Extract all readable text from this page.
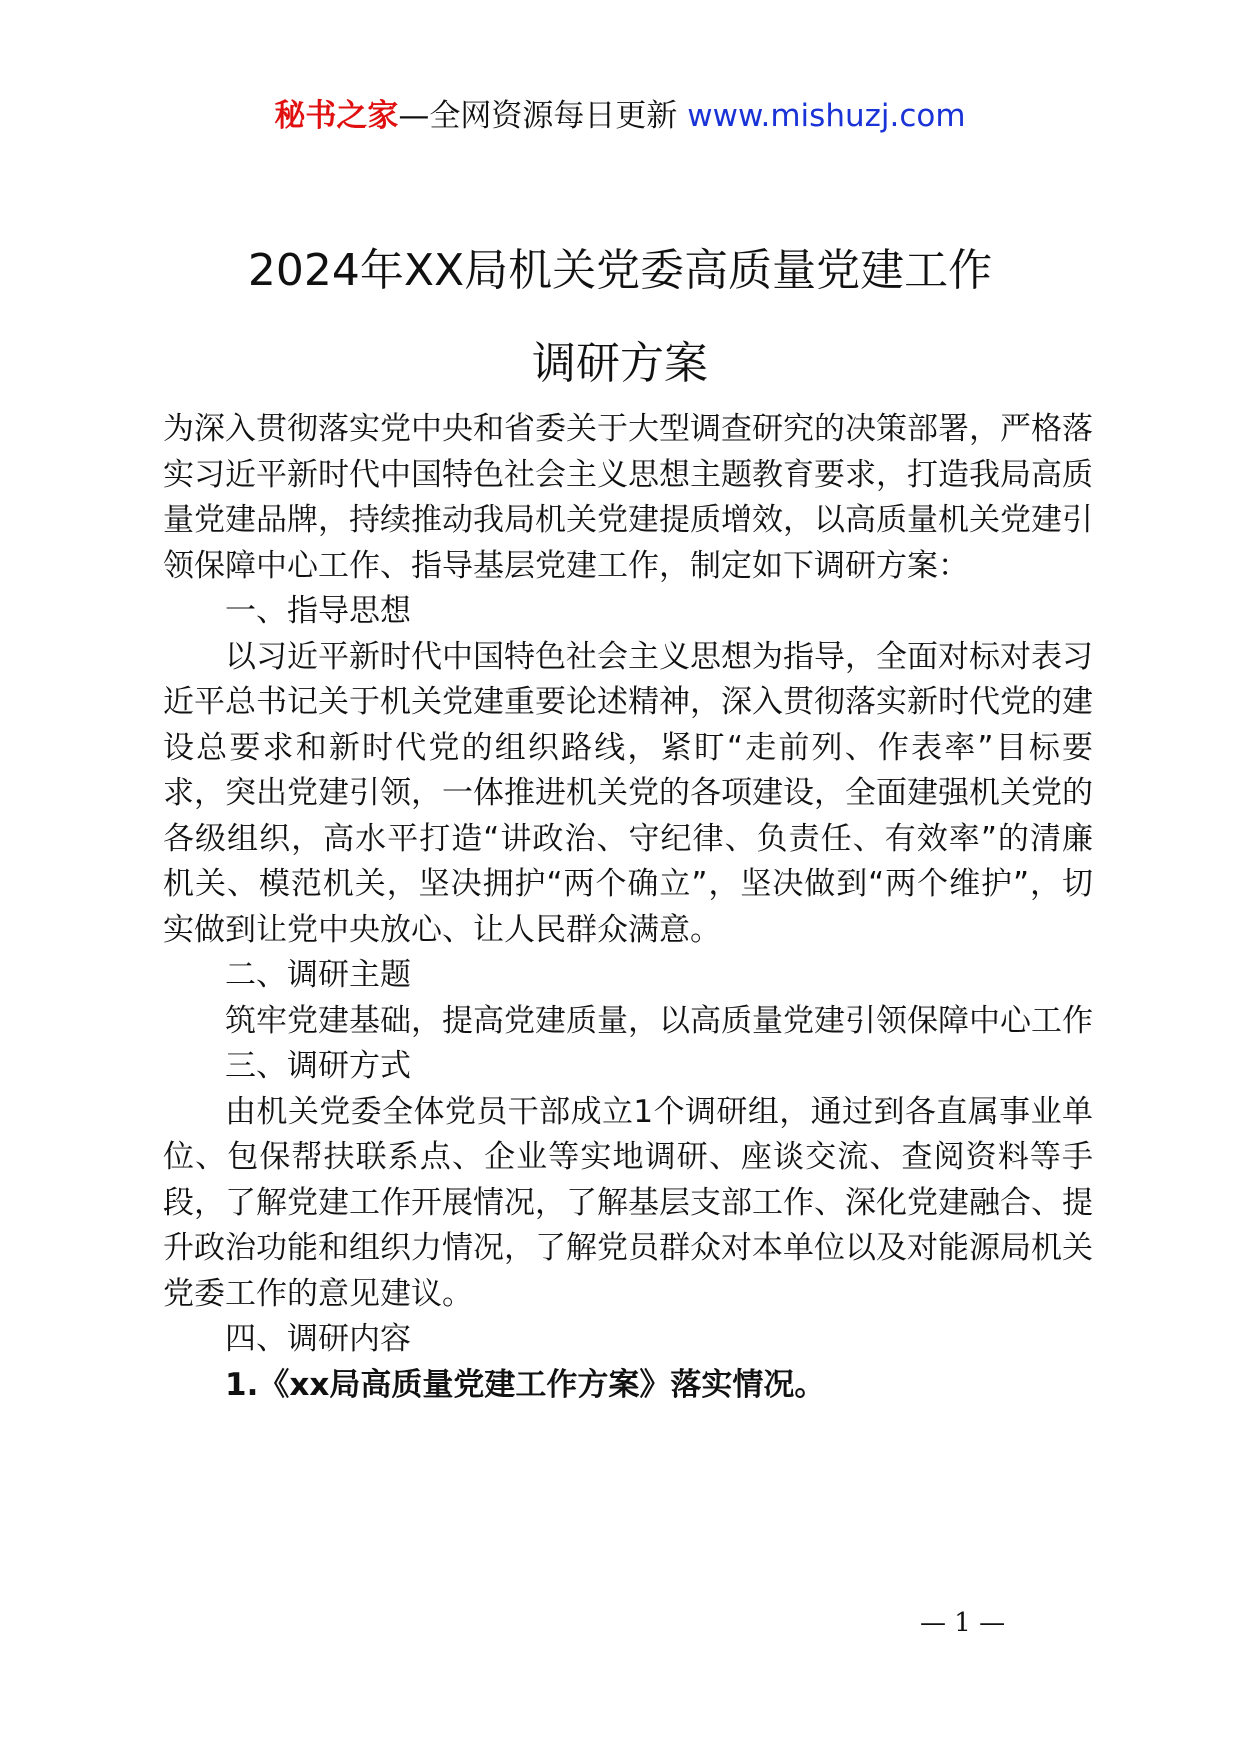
秘书之家—全网资源每日更新 www.mishuzj.com
2024年XX局机关党委高质量党建工作
调研方案

为深入贯彻落实党中央和省委关于大型调查研究的决策部署，严格落实习近平新时代中国特色社会主义思想主题教育要求，打造我局高质量党建品牌，持续推动我局机关党建提质增效，以高质量机关党建引领保障中心工作、指导基层党建工作，制定如下调研方案：

一、指导思想

以习近平新时代中国特色社会主义思想为指导，全面对标对表习近平总书记关于机关党建重要论述精神，深入贯彻落实新时代党的建设总要求和新时代党的组织路线，紧盯“走前列、作表率”目标要求，突出党建引领，一体推进机关党的各项建设，全面建强机关党的各级组织，高水平打造“讲政治、守纪律、负责任、有效率”的清廉机关、模范机关，坚决拥护“两个确立”，坚决做到“两个维护”，切实做到让党中央放心、让人民群众满意。

二、调研主题

筑牢党建基础，提高党建质量，以高质量党建引领保障中心工作

三、调研方式

由机关党委全体党员干部成立1个调研组，通过到各直属事业单位、包保帮扶联系点、企业等实地调研、座谈交流、查阅资料等手段，了解党建工作开展情况，了解基层支部工作、深化党建融合、提升政治功能和组织力情况，了解党员群众对本单位以及对能源局机关党委工作的意见建议。

四、调研内容

1.《xx局高质量党建工作方案》落实情况。

— 1 —
